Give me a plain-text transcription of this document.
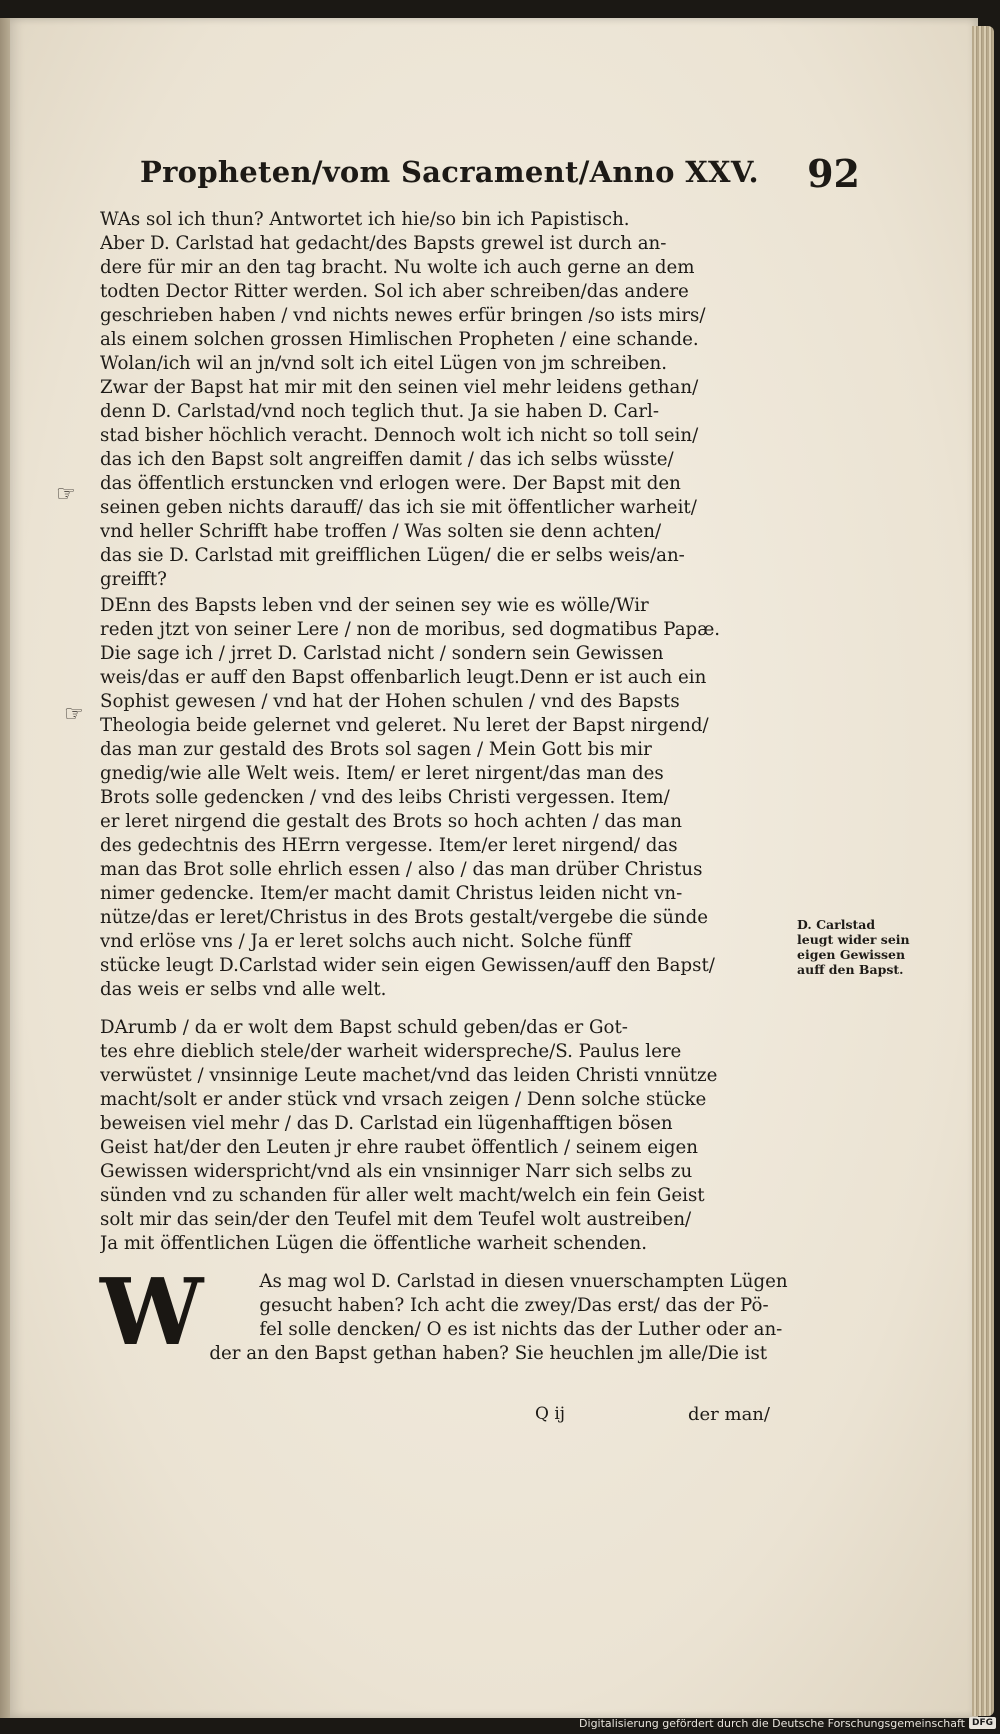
Propheten/vom Sacrament/Anno XXV. 92
☞
☞
WAs sol ich thun? Antwortet ich hie/so bin ich Papistisch.
Aber D. Carlstad hat gedacht/des Bapsts grewel ist durch an-
dere für mir an den tag bracht. Nu wolte ich auch gerne an dem
todten Dector Ritter werden. Sol ich aber schreiben/das andere
geschrieben haben / vnd nichts newes erfür bringen /so ists mirs/
als einem solchen grossen Himlischen Propheten / eine schande.
Wolan/ich wil an jn/vnd solt ich eitel Lügen von jm schreiben.
Zwar der Bapst hat mir mit den seinen viel mehr leidens gethan/
denn D. Carlstad/vnd noch teglich thut. Ja sie haben D. Carl-
stad bisher höchlich veracht. Dennoch wolt ich nicht so toll sein/
das ich den Bapst solt angreiffen damit / das ich selbs wüsste/
das öffentlich erstuncken vnd erlogen were. Der Bapst mit den
seinen geben nichts darauff/ das ich sie mit öffentlicher warheit/
vnd heller Schrifft habe troffen / Was solten sie denn achten/
das sie D. Carlstad mit greifflichen Lügen/ die er selbs weis/an-
greifft?
DEnn des Bapsts leben vnd der seinen sey wie es wölle/Wir
reden jtzt von seiner Lere / non de moribus, sed dogmatibus Papæ.
Die sage ich / jrret D. Carlstad nicht / sondern sein Gewissen
weis/das er auff den Bapst offenbarlich leugt.Denn er ist auch ein
Sophist gewesen / vnd hat der Hohen schulen / vnd des Bapsts
Theologia beide gelernet vnd geleret. Nu leret der Bapst nirgend/
das man zur gestald des Brots sol sagen / Mein Gott bis mir
gnedig/wie alle Welt weis. Item/ er leret nirgent/das man des
Brots solle gedencken / vnd des leibs Christi vergessen. Item/
er leret nirgend die gestalt des Brots so hoch achten / das man
des gedechtnis des HErrn vergesse. Item/er leret nirgend/ das
man das Brot solle ehrlich essen / also / das man drüber Christus
nimer gedencke. Item/er macht damit Christus leiden nicht vn-
nütze/das er leret/Christus in des Brots gestalt/vergebe die sünde
vnd erlöse vns / Ja er leret solchs auch nicht. Solche fünff
stücke leugt D.Carlstad wider sein eigen Gewissen/auff den Bapst/
das weis er selbs vnd alle welt.
DArumb / da er wolt dem Bapst schuld geben/das er Got-
tes ehre dieblich stele/der warheit widerspreche/S. Paulus lere
verwüstet / vnsinnige Leute machet/vnd das leiden Christi vnnütze
macht/solt er ander stück vnd vrsach zeigen / Denn solche stücke
beweisen viel mehr / das D. Carlstad ein lügenhafftigen bösen
Geist hat/der den Leuten jr ehre raubet öffentlich / seinem eigen
Gewissen widerspricht/vnd als ein vnsinniger Narr sich selbs zu
sünden vnd zu schanden für aller welt macht/welch ein fein Geist
solt mir das sein/der den Teufel mit dem Teufel wolt austreiben/
Ja mit öffentlichen Lügen die öffentliche warheit schenden.
W	As mag wol D. Carlstad in diesen vnuerschampten Lügen
gesucht haben? Ich acht die zwey/Das erst/ das der Pö-
fel solle dencken/ O es ist nichts das der Luther oder an-
der an den Bapst gethan haben? Sie heuchlen jm alle/Die ist
D. Carlstad
leugt wider sein
eigen Gewissen
auff den Bapst.
Q ij	der man/
Digitalisierung gefördert durch die Deutsche Forschungsgemeinschaft DFG
